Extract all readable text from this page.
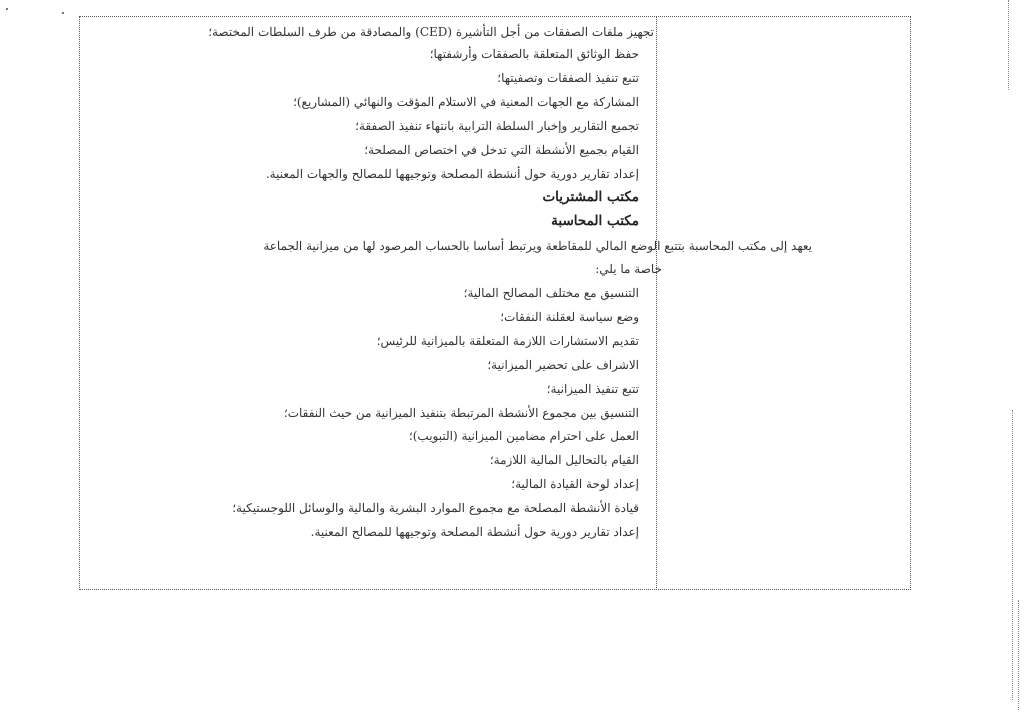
تجهيز ملفات الصفقات من أجل التأشيرة (CED) والمصادقة من طرف السلطات المختصة؛
حفظ الوثائق المتعلقة بالصفقات وأرشفتها؛
تتبع تنفيذ الصفقات وتصفيتها؛
المشاركة مع الجهات المعنية في الاستلام المؤقت والنهائي (المشاريع)؛
تجميع التقارير وإخبار السلطة الترابية بانتهاء تنفيذ الصفقة؛
القيام بجميع الأنشطة التي تدخل في اختصاص المصلحة؛
إعداد تقارير دورية حول أنشطة المصلحة وتوجيهها للمصالح والجهات المعنية.
مكتب المشتريات
مكتب المحاسبة
يعهد إلى مكتب المحاسبة بتتبع الوضع المالي للمقاطعة ويرتبط أساسا بالحساب المرصود لها من ميزانية الجماعة
خاصة ما يلي:
التنسيق مع مختلف المصالح المالية؛
وضع سياسة لعقلنة النفقات؛
تقديم الاستشارات اللازمة المتعلقة بالميزانية للرئيس؛
الاشراف على تحضير الميزانية؛
تتبع تنفيذ الميزانية؛
التنسيق بين مجموع الأنشطة المرتبطة بتنفيذ الميزانية من حيث النفقات؛
العمل على احترام مضامين الميزانية (التبويب)؛
القيام بالتحاليل المالية اللازمة؛
إعداد لوحة القيادة المالية؛
قيادة الأنشطة المصلحة مع مجموع الموارد البشرية والمالية والوسائل اللوجستيكية؛
إعداد تقارير دورية حول أنشطة المصلحة وتوجيهها للمصالح المعنية.
